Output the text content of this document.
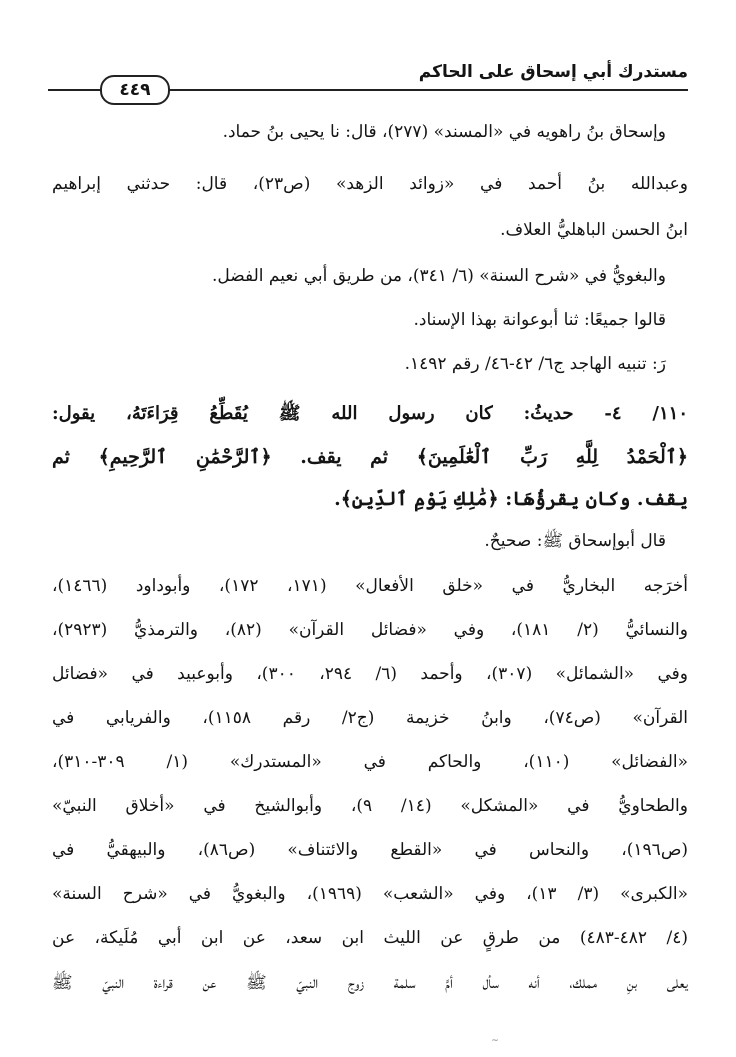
مستدرك أبي إسحاق على الحاكم
٤٤٩
وإسحاق بنُ راهويه في «المسند» (٢٧٧)، قال: نا يحيى بنُ حماد.
وعبدالله بنُ أحمد في «زوائد الزهد» (ص٢٣)، قال: حدثني إبراهيم
ابنُ الحسن الباهليُّ العلاف.
والبغويُّ في «شرح السنة» (٦/ ٣٤١)، من طريق أبي نعيم الفضل.
قالوا جميعًا: ثنا أبوعوانة بهذا الإسناد.
رَ: تنبيه الهاجد ج٦/ ٤٢-٤٦/ رقم ١٤٩٢.
١١٠/ ٤- حديثُ: كان رسول الله ﷺ يُقَطِّعُ قِرَاءَتَهُ، يقول:
﴿ٱلْحَمْدُ لِلَّهِ رَبِّ ٱلْعَٰلَمِينَ﴾ ثم يقف. ﴿ٱلرَّحْمَٰنِ ٱلرَّحِيمِ﴾ ثم
يقف. وكان يقرؤُهَا: ﴿مَٰلِكِ يَوْمِ ٱلدِّينِ﴾.
قال أبوإسحاق ﷺ: صحيحٌ.
أخرَجه البخاريُّ في «خلق الأفعال» (١٧١، ١٧٢)، وأبوداود (١٤٦٦)،
والنسائيُّ (٢/ ١٨١)، وفي «فضائل القرآن» (٨٢)، والترمذيُّ (٢٩٢٣)،
وفي «الشمائل» (٣٠٧)، وأحمد (٦/ ٢٩٤، ٣٠٠)، وأبوعبيد في «فضائل
القرآن» (ص٧٤)، وابنُ خزيمة (ج٢/ رقم ١١٥٨)، والفريابي في
«الفضائل» (١١٠)، والحاكم في «المستدرك» (١/ ٣٠٩-٣١٠)،
والطحاويُّ في «المشكل» (١٤/ ٩)، وأبوالشيخ في «أخلاق النبيّ»
(ص١٩٦)، والنحاس في «القطع والائتناف» (ص٨٦)، والبيهقيُّ في
«الكبرى» (٣/ ١٣)، وفي «الشعب» (١٩٦٩)، والبغويُّ في «شرح السنة»
(٤/ ٤٨٢-٤٨٣) من طرقٍ عن الليث ابن سعد، عن ابن أبي مُلَيكة، عن
يعلى بنِ مملك، أنه سأل أمَّ سلمة زوج النبيّ ﷺ عن قراءة النبيّ ﷺ
~
